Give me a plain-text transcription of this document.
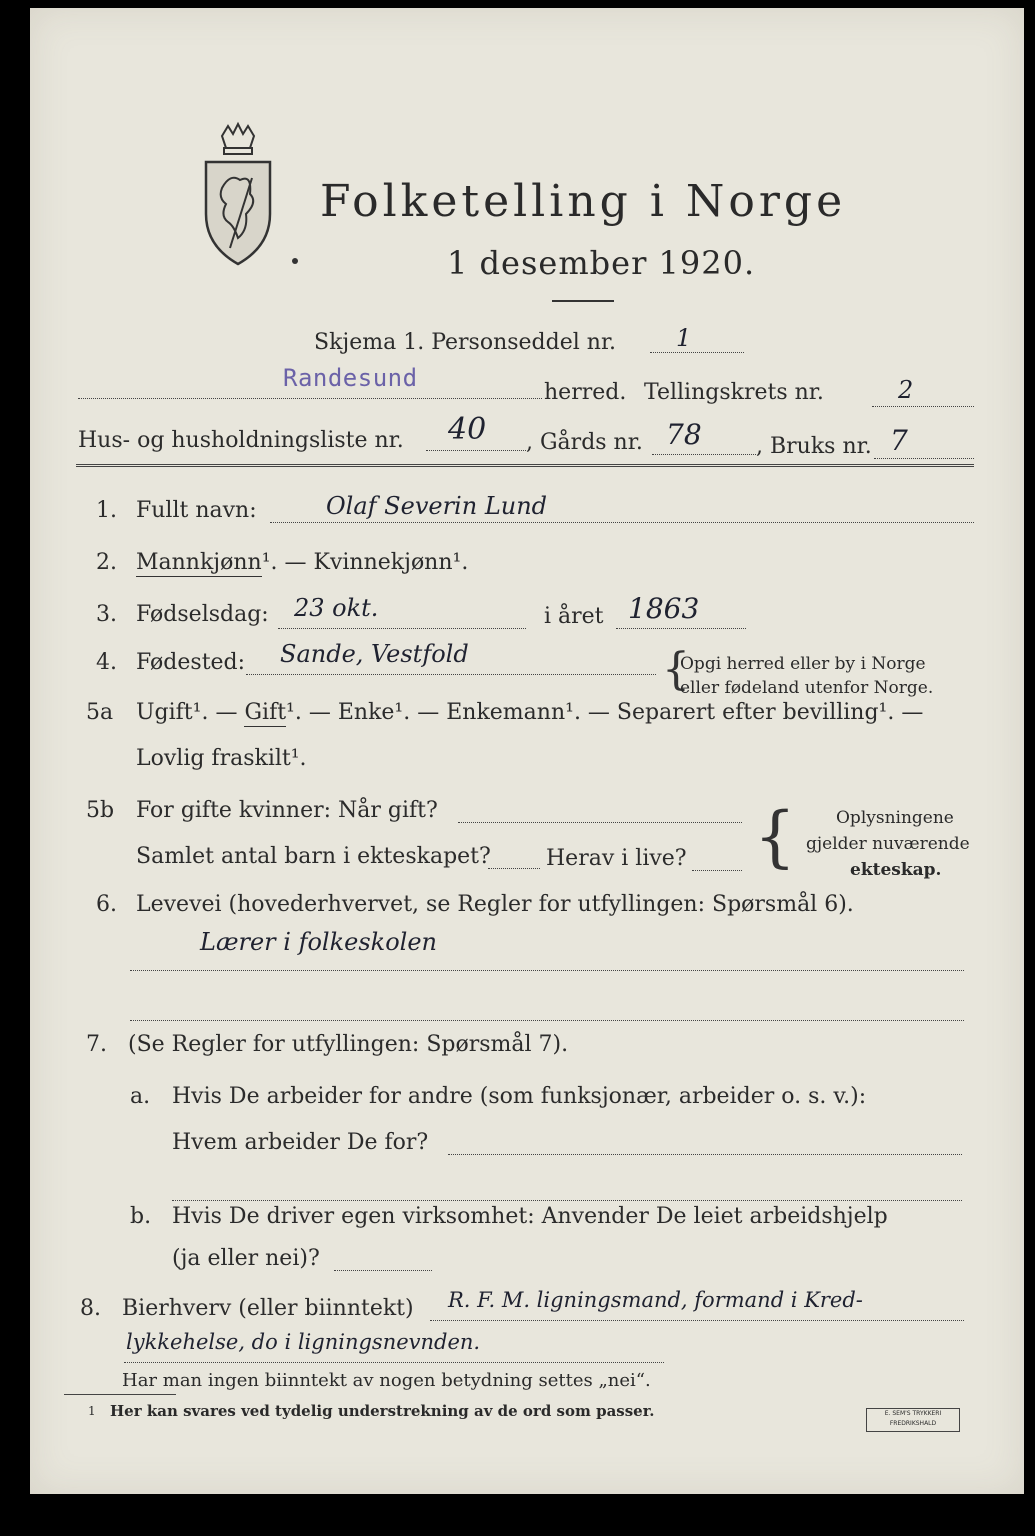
Folketelling i Norge
1 desember 1920.
Skjema 1. Personseddel nr. 1
Randesund
herred. Tellingskrets nr.	2
Hus- og husholdningsliste nr. 40 , Gårds nr. 78 , Bruks nr. 7
1. Fullt navn:	Olaf Severin Lund
2. Mannkjønn¹. — Kvinnekjønn¹.
3. Fødselsdag: 23 okt.	i året 1863
4. Fødested: Sande, Vestfold	{
Opgi herred eller by i Norge
eller fødeland utenfor Norge.
5a Ugift¹. — Gift¹. — Enke¹. — Enkemann¹. — Separert efter bevilling¹. —
Lovlig fraskilt¹.
5b For gifte kvinner: Når gift?
Samlet antal barn i ekteskapet?	Herav i live? { Oplysningene
gjelder nuværende
ekteskap.
6. Levevei (hovederhvervet, se Regler for utfyllingen: Spørsmål 6).
Lærer i folkeskolen
7. (Se Regler for utfyllingen: Spørsmål 7).
a. Hvis De arbeider for andre (som funksjonær, arbeider o. s. v.):
Hvem arbeider De for?
b. Hvis De driver egen virksomhet: Anvender De leiet arbeidshjelp
(ja eller nei)?
8. Bierhverv (eller biinntekt) R. F. M. ligningsmand, formand i Kred-
lykkehelse, do i ligningsnevnden.
Har man ingen biinntekt av nogen betydning settes „nei“.
1 Her kan svares ved tydelig understrekning av de ord som passer.	E. SEM'S TRYKKERI
FREDRIKSHALD
